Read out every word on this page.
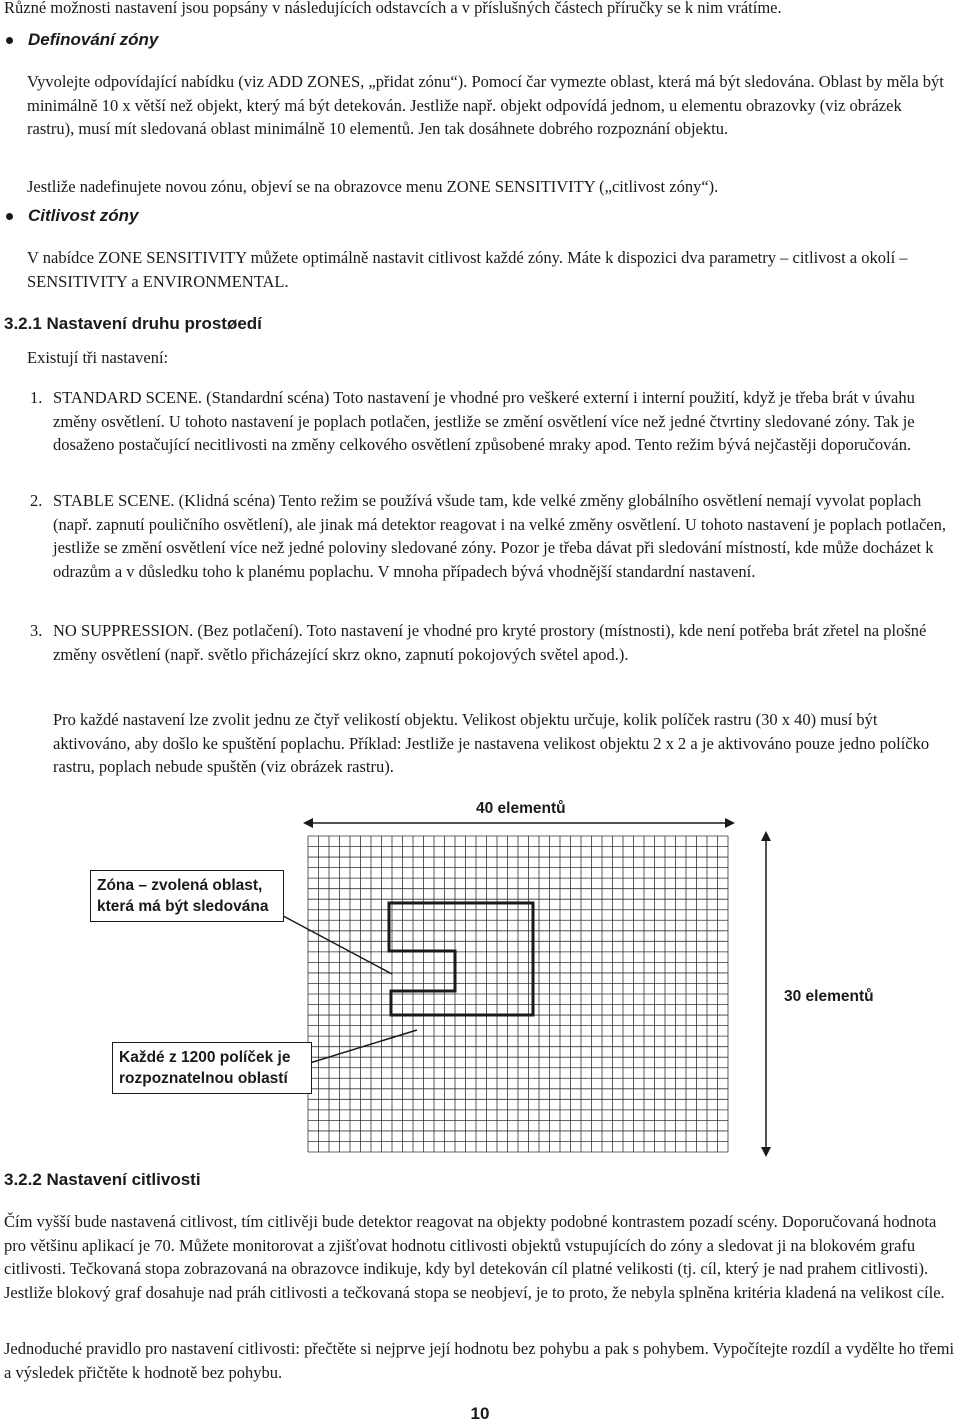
Různé možnosti nastavení jsou popsány v následujících odstavcích a v příslušných částech příručky se k nim vrátíme.
Definování zóny
Vyvolejte odpovídající nabídku (viz ADD ZONES, „přidat zónu“). Pomocí čar vymezte oblast, která má být sledována. Oblast by měla být minimálně 10 x větší než objekt, který má být detekován. Jestliže např. objekt odpovídá jednom, u elementu obrazovky (viz obrázek rastru), musí mít sledovaná oblast minimálně 10 elementů. Jen tak dosáhnete dobrého rozpoznání objektu.
Jestliže nadefinujete novou zónu, objeví se na obrazovce menu ZONE SENSITIVITY („citlivost zóny“).
Citlivost zóny
V nabídce ZONE SENSITIVITY můžete optimálně nastavit citlivost každé zóny. Máte k dispozici dva parametry – citlivost a okolí – SENSITIVITY a ENVIRONMENTAL.
3.2.1 Nastavení druhu prostøedí
Existují tři nastavení:
1. STANDARD SCENE. (Standardní scéna) Toto nastavení je vhodné pro veškeré externí i interní použití, když je třeba brát v úvahu změny osvětlení. U tohoto nastavení je poplach potlačen, jestliže se změní osvětlení více než jedné čtvrtiny sledované zóny. Tak je dosaženo postačující necitlivosti na změny celkového osvětlení způsobené mraky apod. Tento režim bývá nejčastěji doporučován.
2. STABLE SCENE. (Klidná scéna) Tento režim se používá všude tam, kde velké změny globálního osvětlení nemají vyvolat poplach (např. zapnutí pouličního osvětlení), ale jinak má detektor reagovat i na velké změny osvětlení. U tohoto nastavení je poplach potlačen, jestliže se změní osvětlení více než jedné poloviny sledované zóny. Pozor je třeba dávat při sledování místností, kde může docházet k odrazům a v důsledku toho k planému poplachu. V mnoha případech bývá vhodnější standardní nastavení.
3. NO SUPPRESSION. (Bez potlačení). Toto nastavení je vhodné pro kryté prostory (místnosti), kde není potřeba brát zřetel na plošné změny osvětlení (např. světlo přicházející skrz okno, zapnutí pokojových světel apod.).
Pro každé nastavení lze zvolit jednu ze čtyř velikostí objektu. Velikost objektu určuje, kolik políček rastru (30 x 40) musí být aktivováno, aby došlo ke spuštění poplachu. Příklad: Jestliže je nastavena velikost objektu 2 x 2 a je aktivováno pouze jedno políčko rastru, poplach nebude spuštěn (viz obrázek rastru).
40 elementů
30 elementů
Zóna – zvolená oblast, která má být sledována
Každé z 1200 políček je rozpoznatelnou oblastí
3.2.2 Nastavení citlivosti
Čím vyšší bude nastavená citlivost, tím citlivěji bude detektor reagovat na objekty podobné kontrastem pozadí scény. Doporučovaná hodnota pro většinu aplikací je 70. Můžete monitorovat a zjišťovat hodnotu citlivosti objektů vstupujících do zóny a sledovat ji na blokovém grafu citlivosti. Tečkovaná stopa zobrazovaná na obrazovce indikuje, kdy byl detekován cíl platné velikosti (tj. cíl, který je nad prahem citlivosti). Jestliže blokový graf dosahuje nad práh citlivosti a tečkovaná stopa se neobjeví, je to proto, že nebyla splněna kritéria kladená na velikost cíle.
Jednoduché pravidlo pro nastavení citlivosti: přečtěte si nejprve její hodnotu bez pohybu a pak s pohybem. Vypočítejte rozdíl a vydělte ho třemi a výsledek přičtěte k hodnotě bez pohybu.
10
